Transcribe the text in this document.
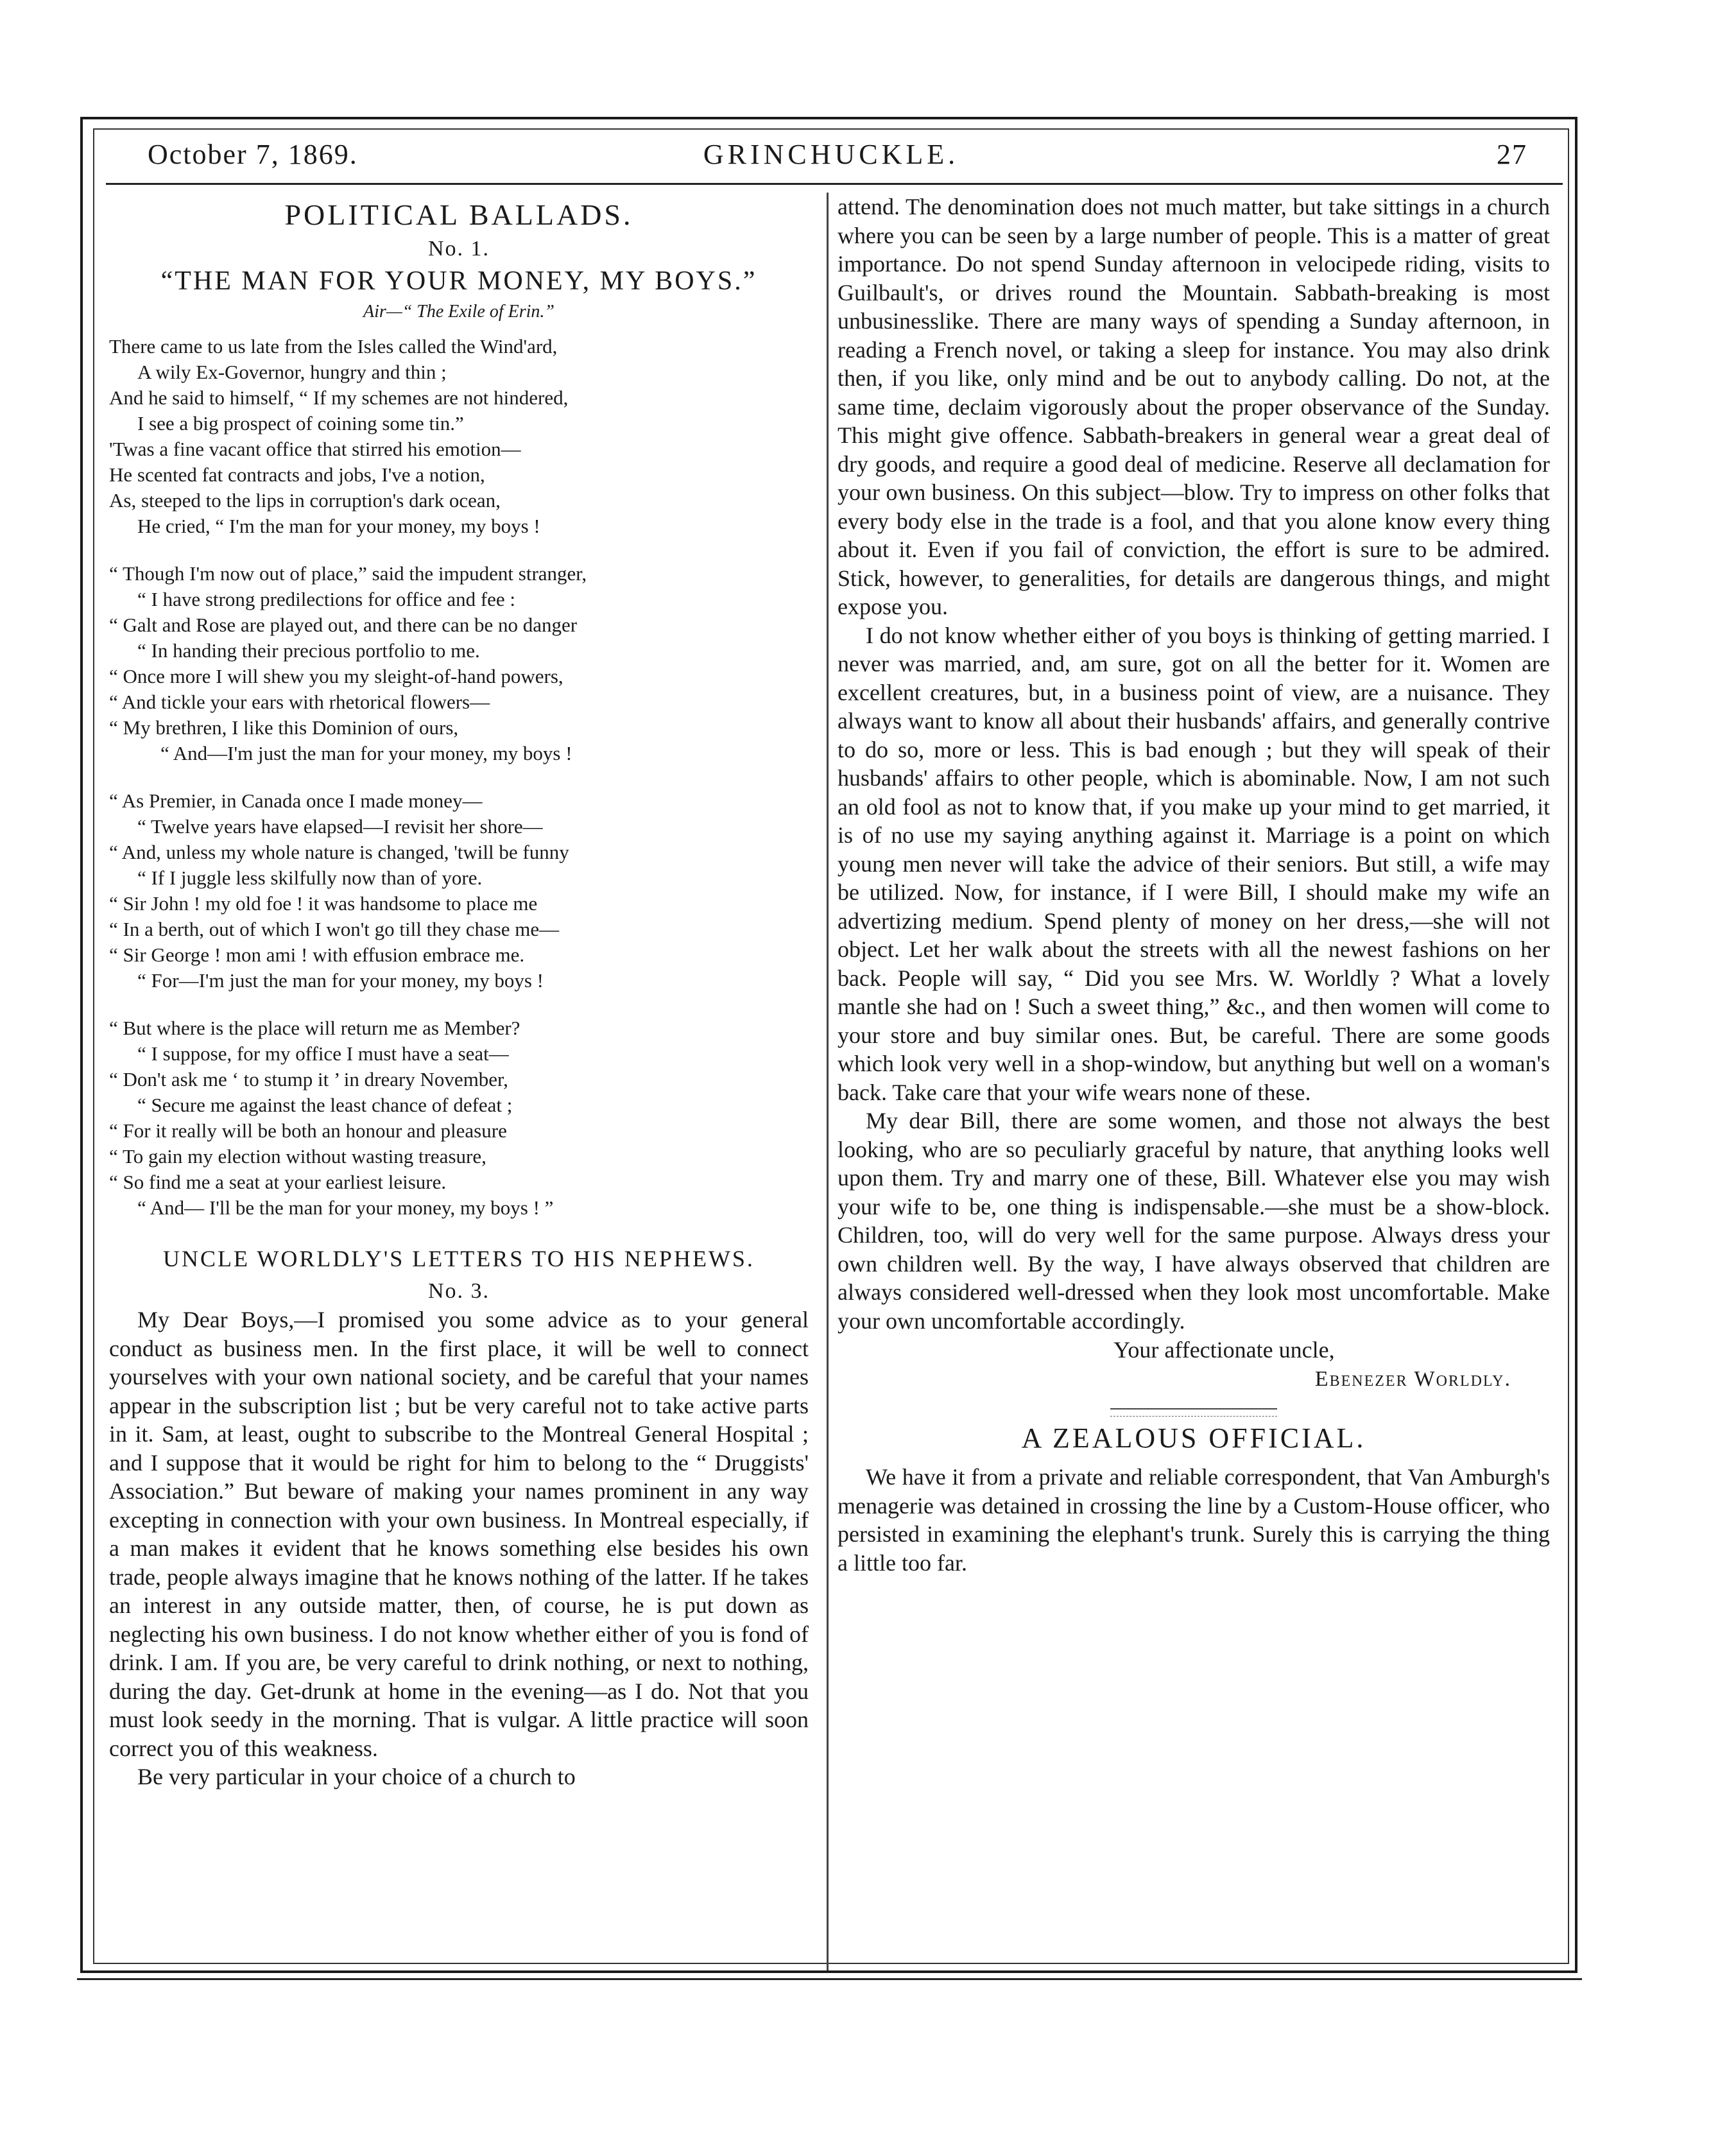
October 7, 1869.	GRINCHUCKLE.	27
POLITICAL BALLADS.
No. 1.
“THE MAN FOR YOUR MONEY, MY BOYS.”
Air—“ The Exile of Erin.”
There came to us late from the Isles called the Wind'ard,
A wily Ex-Governor, hungry and thin ;
And he said to himself, “ If my schemes are not hindered,
I see a big prospect of coining some tin.”
'Twas a fine vacant office that stirred his emotion—
He scented fat contracts and jobs, I've a notion,
As, steeped to the lips in corruption's dark ocean,
He cried, “ I'm the man for your money, my boys !
“ Though I'm now out of place,” said the impudent stranger,
“ I have strong predilections for office and fee :
“ Galt and Rose are played out, and there can be no danger
“ In handing their precious portfolio to me.
“ Once more I will shew you my sleight-of-hand powers,
“ And tickle your ears with rhetorical flowers—
“ My brethren, I like this Dominion of ours,
“ And—I'm just the man for your money, my boys !
“ As Premier, in Canada once I made money—
“ Twelve years have elapsed—I revisit her shore—
“ And, unless my whole nature is changed, 'twill be funny
“ If I juggle less skilfully now than of yore.
“ Sir John ! my old foe ! it was handsome to place me
“ In a berth, out of which I won't go till they chase me—
“ Sir George ! mon ami ! with effusion embrace me.
“ For—I'm just the man for your money, my boys !
“ But where is the place will return me as Member?
“ I suppose, for my office I must have a seat—
“ Don't ask me ‘ to stump it ’ in dreary November,
“ Secure me against the least chance of defeat ;
“ For it really will be both an honour and pleasure
“ To gain my election without wasting treasure,
“ So find me a seat at your earliest leisure.
“ And— I'll be the man for your money, my boys ! ”
UNCLE WORLDLY'S LETTERS TO HIS NEPHEWS.
No. 3.

My Dear Boys,—I promised you some advice as to your general conduct as business men. In the first place, it will be well to connect yourselves with your own national society, and be careful that your names appear in the subscription list ; but be very careful not to take active parts in it. Sam, at least, ought to subscribe to the Montreal General Hospital ; and I suppose that it would be right for him to belong to the “ Druggists' Association.” But beware of making your names prominent in any way excepting in connection with your own business. In Montreal especially, if a man makes it evident that he knows something else besides his own trade, people always imagine that he knows nothing of the latter. If he takes an interest in any outside matter, then, of course, he is put down as neglecting his own business. I do not know whether either of you is fond of drink. I am. If you are, be very careful to drink nothing, or next to nothing, during the day. Get-drunk at home in the evening—as I do. Not that you must look seedy in the morning. That is vulgar. A little practice will soon correct you of this weakness.

Be very particular in your choice of a church to

attend. The denomination does not much matter, but take sittings in a church where you can be seen by a large number of people. This is a matter of great importance. Do not spend Sunday afternoon in velocipede riding, visits to Guilbault's, or drives round the Mountain. Sabbath-breaking is most unbusinesslike. There are many ways of spending a Sunday afternoon, in reading a French novel, or taking a sleep for instance. You may also drink then, if you like, only mind and be out to anybody calling. Do not, at the same time, declaim vigorously about the proper observance of the Sunday. This might give offence. Sabbath-breakers in general wear a great deal of dry goods, and require a good deal of medicine. Reserve all declamation for your own business. On this subject—blow. Try to impress on other folks that every body else in the trade is a fool, and that you alone know every thing about it. Even if you fail of conviction, the effort is sure to be admired. Stick, however, to generalities, for details are dangerous things, and might expose you.

I do not know whether either of you boys is thinking of getting married. I never was married, and, am sure, got on all the better for it. Women are excellent creatures, but, in a business point of view, are a nuisance. They always want to know all about their husbands' affairs, and generally contrive to do so, more or less. This is bad enough ; but they will speak of their husbands' affairs to other people, which is abominable. Now, I am not such an old fool as not to know that, if you make up your mind to get married, it is of no use my saying anything against it. Marriage is a point on which young men never will take the advice of their seniors. But still, a wife may be utilized. Now, for instance, if I were Bill, I should make my wife an advertizing medium. Spend plenty of money on her dress,—she will not object. Let her walk about the streets with all the newest fashions on her back. People will say, “ Did you see Mrs. W. Worldly ? What a lovely mantle she had on ! Such a sweet thing,” &c., and then women will come to your store and buy similar ones. But, be careful. There are some goods which look very well in a shop-window, but anything but well on a woman's back. Take care that your wife wears none of these.

My dear Bill, there are some women, and those not always the best looking, who are so peculiarly graceful by nature, that anything looks well upon them. Try and marry one of these, Bill. Whatever else you may wish your wife to be, one thing is indispensable.—she must be a show-block. Children, too, will do very well for the same purpose. Always dress your own children well. By the way, I have always observed that children are always considered well-dressed when they look most uncomfortable. Make your own uncomfortable accordingly.

Your affectionate uncle,
Ebenezer Worldly.
A ZEALOUS OFFICIAL.

We have it from a private and reliable correspondent, that Van Amburgh's menagerie was detained in crossing the line by a Custom-House officer, who persisted in examining the elephant's trunk. Surely this is carrying the thing a little too far.
